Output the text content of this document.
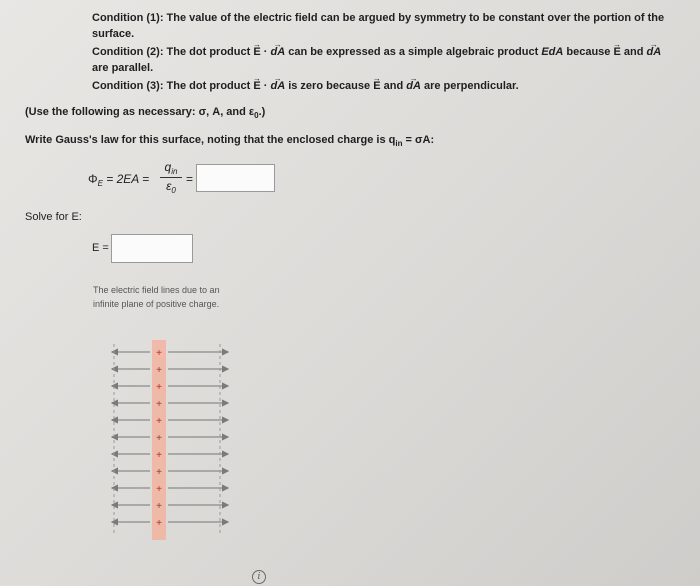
Condition (1): The value of the electric field can be argued by symmetry to be constant over the portion of the
surface.
Condition (2): The dot product → E · → dA can be expressed as a simple algebraic product EdA because → E and → dA
are parallel.
Condition (3): The dot product → E · → dA is zero because → E and → dA are perpendicular.
(Use the following as necessary: σ, A, and $\varepsilon_0$.)
Write Gauss's law for this surface, noting that the enclosed charge is $q_{in} = \sigma A$:
$\Phi_E = 2EA$ =
$q_{in}$
$\varepsilon_0$
=
Solve for E:
E =
The electric field lines due to an
infinite plane of positive charge.
+
+
+
+
+
+
+
+
+
+
+
i
